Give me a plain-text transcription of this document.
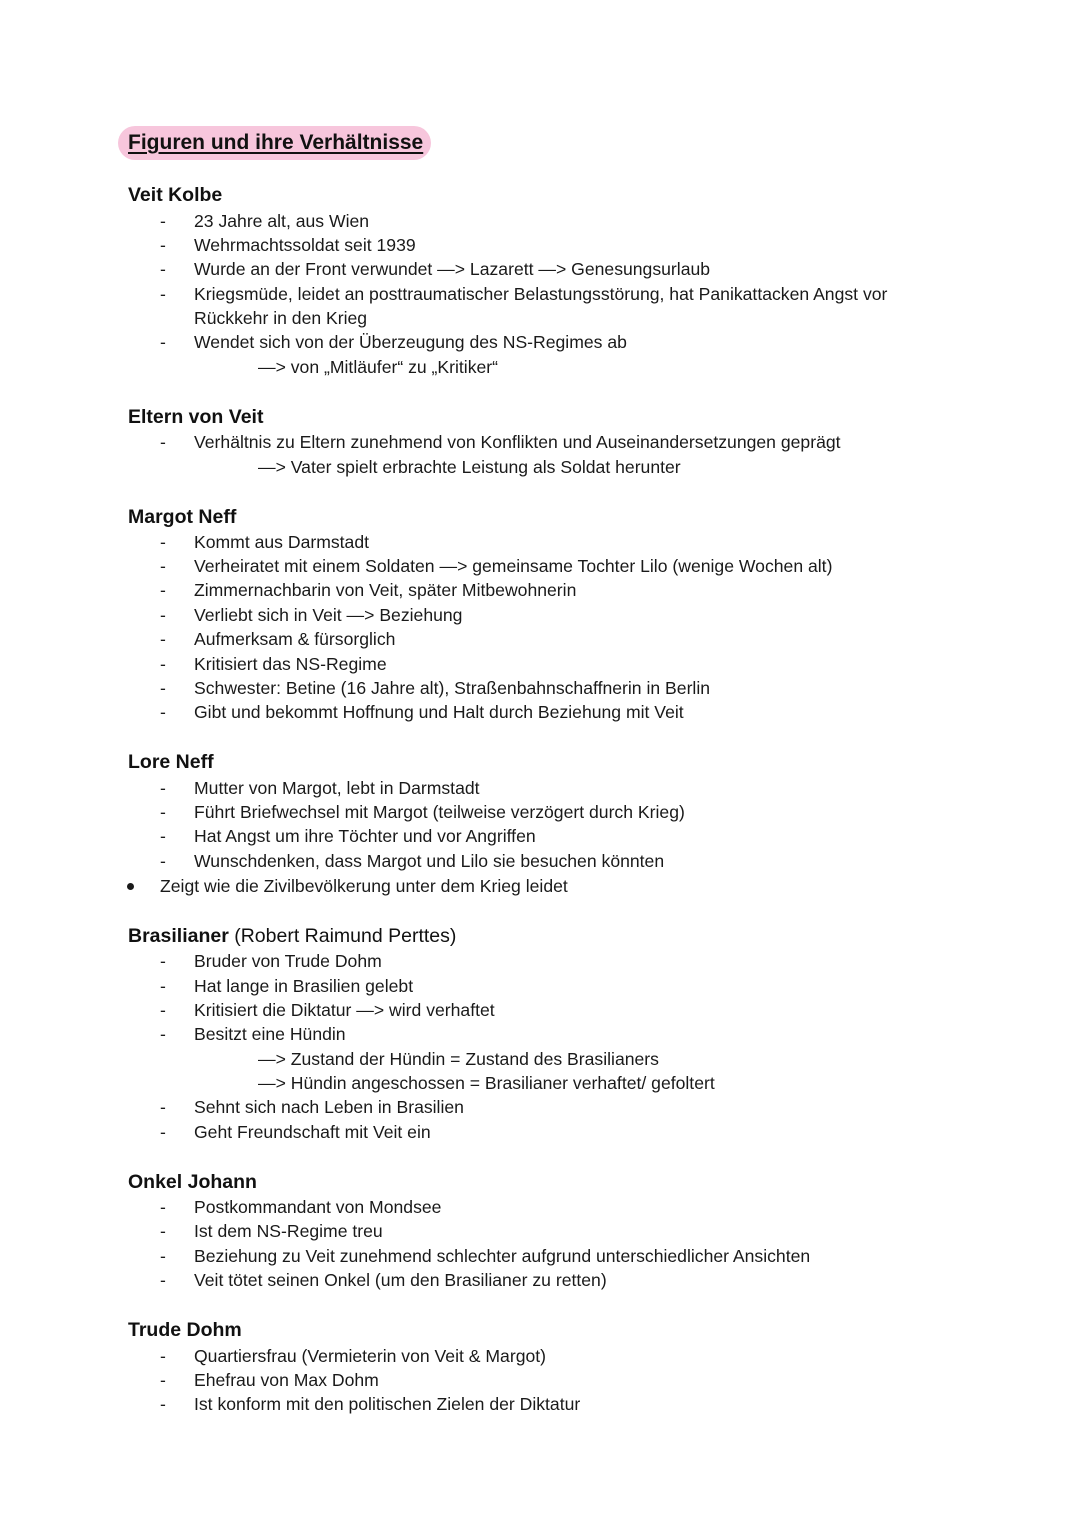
Figuren und ihre Verhältnisse
Veit Kolbe
- 23 Jahre alt, aus Wien
- Wehrmachtssoldat seit 1939
- Wurde an der Front verwundet —> Lazarett —> Genesungsurlaub
- Kriegsmüde, leidet an posttraumatischer Belastungsstörung, hat Panikattacken Angst vor
Rückkehr in den Krieg
- Wendet sich von der Überzeugung des NS-Regimes ab
—> von „Mitläufer“ zu „Kritiker“
Eltern von Veit
- Verhältnis zu Eltern zunehmend von Konflikten und Auseinandersetzungen geprägt
—> Vater spielt erbrachte Leistung als Soldat herunter
Margot Neff
- Kommt aus Darmstadt
- Verheiratet mit einem Soldaten —> gemeinsame Tochter Lilo (wenige Wochen alt)
- Zimmernachbarin von Veit, später Mitbewohnerin
- Verliebt sich in Veit —> Beziehung
- Aufmerksam & fürsorglich
- Kritisiert das NS-Regime
- Schwester: Betine (16 Jahre alt), Straßenbahnschaffnerin in Berlin
- Gibt und bekommt Hoffnung und Halt durch Beziehung mit Veit
Lore Neff
- Mutter von Margot, lebt in Darmstadt
- Führt Briefwechsel mit Margot (teilweise verzögert durch Krieg)
- Hat Angst um ihre Töchter und vor Angriffen
- Wunschdenken, dass Margot und Lilo sie besuchen könnten
Zeigt wie die Zivilbevölkerung unter dem Krieg leidet
Brasilianer (Robert Raimund Perttes)
- Bruder von Trude Dohm
- Hat lange in Brasilien gelebt
- Kritisiert die Diktatur —> wird verhaftet
- Besitzt eine Hündin
—> Zustand der Hündin = Zustand des Brasilianers
—> Hündin angeschossen = Brasilianer verhaftet/ gefoltert
- Sehnt sich nach Leben in Brasilien
- Geht Freundschaft mit Veit ein
Onkel Johann
- Postkommandant von Mondsee
- Ist dem NS-Regime treu
- Beziehung zu Veit zunehmend schlechter aufgrund unterschiedlicher Ansichten
- Veit tötet seinen Onkel (um den Brasilianer zu retten)
Trude Dohm
- Quartiersfrau (Vermieterin von Veit & Margot)
- Ehefrau von Max Dohm
- Ist konform mit den politischen Zielen der Diktatur
